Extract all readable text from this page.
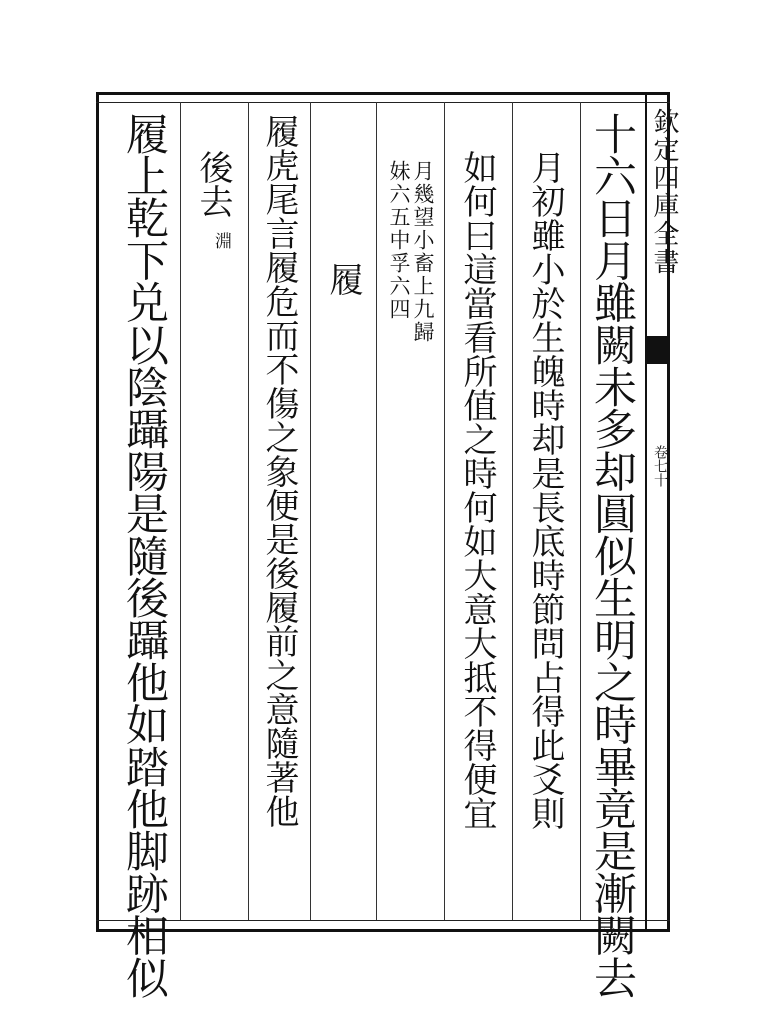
欽定四庫全書
卷七十
十六日月雖闕未多却圓似生明之時畢竟是漸闕去
月初雖小於生魄時却是長底時節問占得此爻則
如何曰這當看所值之時何如大意大抵不得便宜
月幾望小畜上九歸
妹六五中孚六四
履
履虎尾言履危而不傷之象便是後履前之意隨著他
後去
淵
履上乾下兑以陰躡陽是隨後躡他如踏他脚跡相似
